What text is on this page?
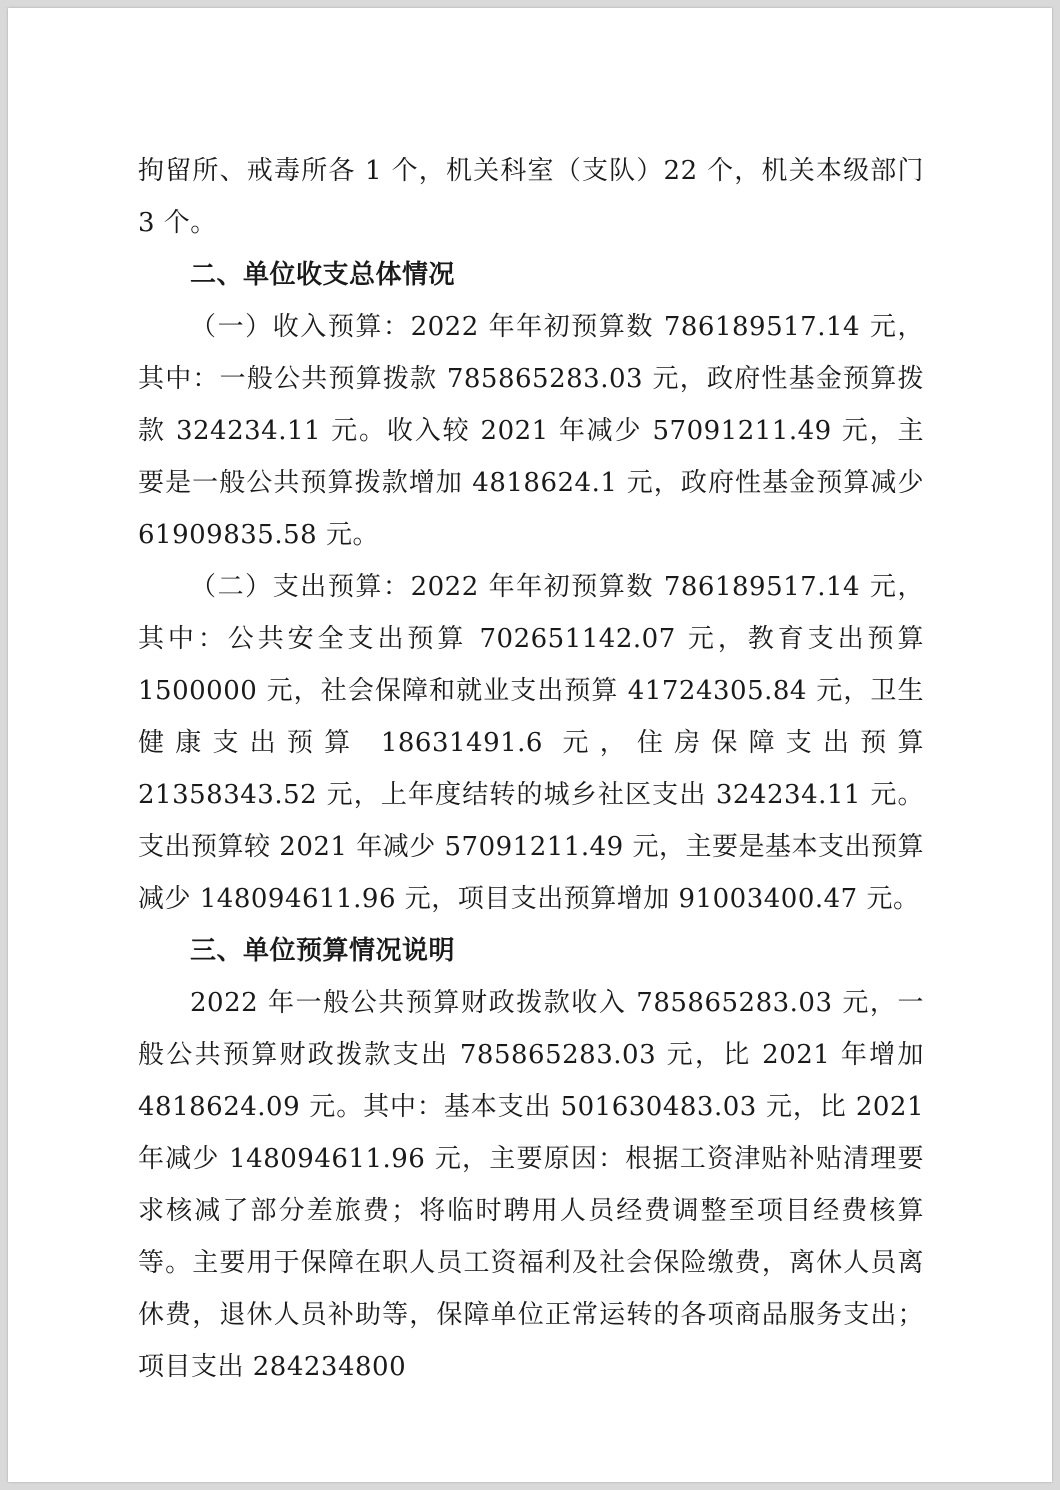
拘留所、戒毒所各 1 个，机关科室（支队）22 个，机关本级部门 3 个。

二、单位收支总体情况

（一）收入预算：2022 年年初预算数 786189517.14 元，其中：一般公共预算拨款 785865283.03 元，政府性基金预算拨款 324234.11 元。收入较 2021 年减少 57091211.49 元，主要是一般公共预算拨款增加 4818624.1 元，政府性基金预算减少 61909835.58 元。

（二）支出预算：2022 年年初预算数 786189517.14 元，其中：公共安全支出预算 702651142.07 元，教育支出预算 1500000 元，社会保障和就业支出预算 41724305.84 元，卫生健康支出预算 18631491.6 元，住房保障支出预算 21358343.52 元，上年度结转的城乡社区支出 324234.11 元。支出预算较 2021 年减少 57091211.49 元，主要是基本支出预算减少 148094611.96 元，项目支出预算增加 91003400.47 元。

三、单位预算情况说明

2022 年一般公共预算财政拨款收入 785865283.03 元，一般公共预算财政拨款支出 785865283.03 元，比 2021 年增加 4818624.09 元。其中：基本支出 501630483.03 元，比 2021 年减少 148094611.96 元，主要原因：根据工资津贴补贴清理要求核减了部分差旅费；将临时聘用人员经费调整至项目经费核算等。主要用于保障在职人员工资福利及社会保险缴费，离休人员离休费，退休人员补助等，保障单位正常运转的各项商品服务支出；项目支出 284234800
